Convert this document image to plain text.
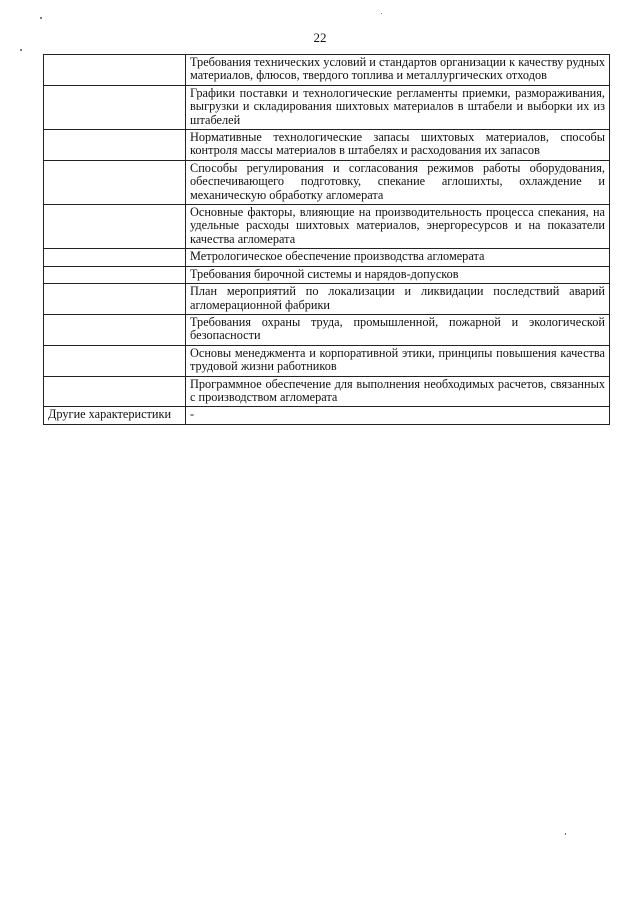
22
	Требования технических условий и стандартов организации к качеству рудных материалов, флюсов, твердого топлива и металлургических отходов
	Графики поставки и технологические регламенты приемки, размораживания, выгрузки и складирования шихтовых материалов в штабели и выборки их из штабелей
	Нормативные технологические запасы шихтовых материалов, способы контроля массы материалов в штабелях и расходования их запасов
	Способы регулирования и согласования режимов работы оборудования, обеспечивающего подготовку, спекание аглошихты, охлаждение и механическую обработку агломерата
	Основные факторы, влияющие на производительность процесса спекания, на удельные расходы шихтовых материалов, энергоресурсов и на показатели качества агломерата
	Метрологическое обеспечение производства агломерата
	Требования бирочной системы и нарядов-допусков
	План мероприятий по локализации и ликвидации последствий аварий агломерационной фабрики
	Требования охраны труда, промышленной, пожарной и экологической безопасности
	Основы менеджмента и корпоративной этики, принципы повышения качества трудовой жизни работников
	Программное обеспечение для выполнения необходимых расчетов, связанных с производством агломерата
Другие характеристики	-
